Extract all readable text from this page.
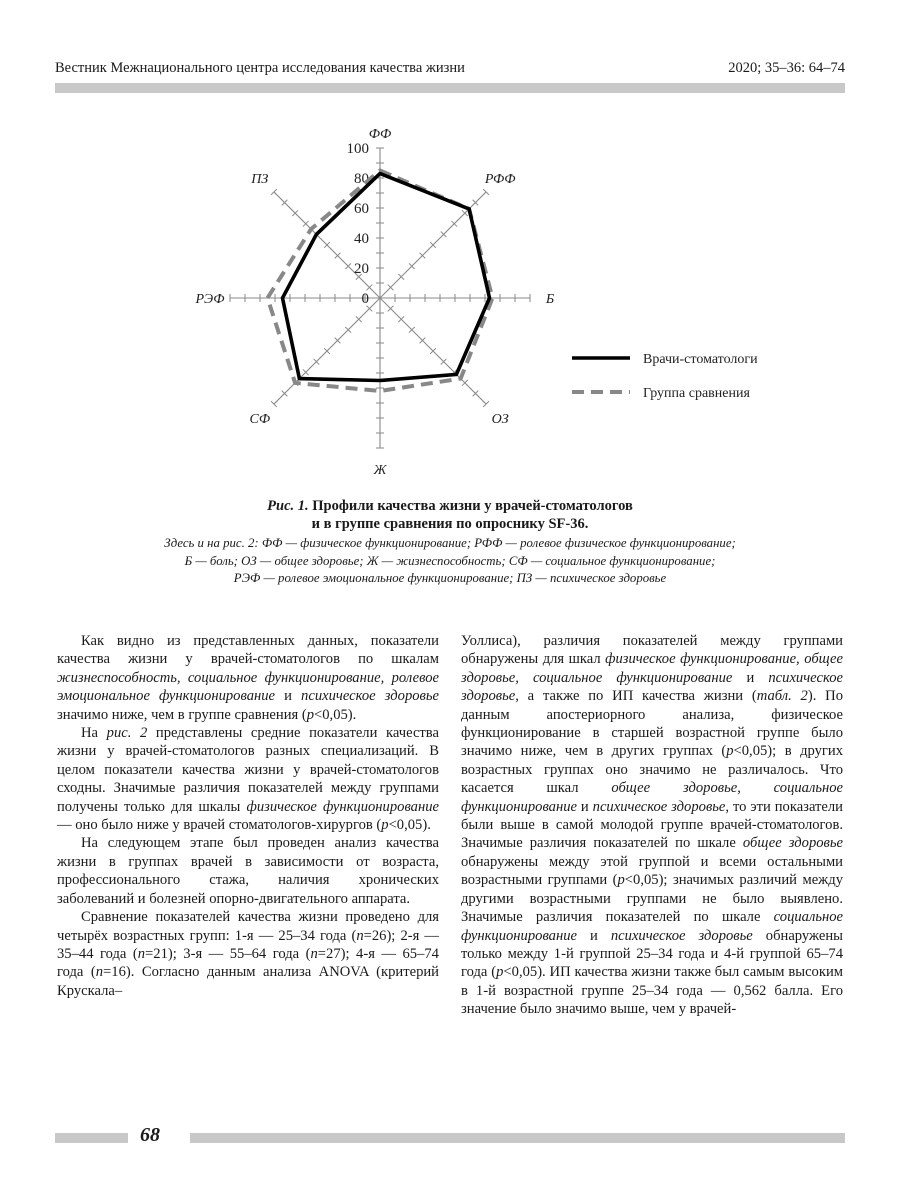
Вестник Межнационального центра исследования качества жизни	2020; 35–36: 64–74
0
20
40
60
80
100
ФФ
РФФ
Б
ОЗ
Ж
СФ
РЭФ
ПЗ
Врачи-стоматологи
Группа сравнения
Рис. 1. Профили качества жизни у врачей-стоматологов
и в группе сравнения по опроснику SF-36.
Здесь и на рис. 2: ФФ — физическое функционирование; РФФ — ролевое физическое функционирование;
Б — боль; ОЗ — общее здоровье; Ж — жизнеспособность; СФ — социальное функционирование;
РЭФ — ролевое эмоциональное функционирование; ПЗ — психическое здоровье

Как видно из представленных данных, показатели качества жизни у врачей-стоматологов по шкалам жизнеспособность, социальное функционирование, ролевое эмоциональное функционирование и психическое здоровье значимо ниже, чем в группе сравнения (p<0,05).

На рис. 2 представлены средние показатели качества жизни у врачей-стоматологов разных специализаций. В целом показатели качества жизни у врачей-стоматологов сходны. Значимые различия показателей между группами получены только для шкалы физическое функционирование — оно было ниже у врачей стоматологов-хирургов (p<0,05).

На следующем этапе был проведен анализ качества жизни в группах врачей в зависимости от возраста, профессионального стажа, наличия хронических заболеваний и болезней опорно-двигательного аппарата.

Сравнение показателей качества жизни проведено для четырёх возрастных групп: 1-я — 25–34 года (n=26); 2-я — 35–44 года (n=21); 3-я — 55–64 года (n=27); 4-я — 65–74 года (n=16). Согласно данным анализа ANOVA (критерий Крускала–

Уоллиса), различия показателей между группами обнаружены для шкал физическое функционирование, общее здоровье, социальное функционирование и психическое здоровье, а также по ИП качества жизни (табл. 2). По данным апостериорного анализа, физическое функционирование в старшей возрастной группе было значимо ниже, чем в других группах (p<0,05); в других возрастных группах оно значимо не различалось. Что касается шкал общее здоровье, социальное функционирование и психическое здоровье, то эти показатели были выше в самой молодой группе врачей-стоматологов. Значимые различия показателей по шкале общее здоровье обнаружены между этой группой и всеми остальными возрастными группами (p<0,05); значимых различий между другими возрастными группами не было выявлено. Значимые различия показателей по шкале социальное функционирование и психическое здоровье обнаружены только между 1-й группой 25–34 года и 4-й группой 65–74 года (p<0,05). ИП качества жизни также был самым высоким в 1-й возрастной группе 25–34 года — 0,562 балла. Его значение было значимо выше, чем у врачей-

68
